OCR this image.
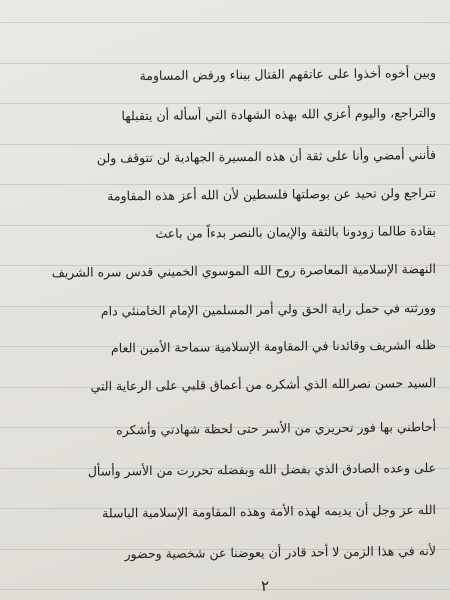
وبين أخوه أخذوا على عاتقهم القتال ببناء ورفض المساومة
والتراجع، واليوم أعزي الله بهذه الشهادة التي أسأله أن يتقبلها
فأنني أمضي وأنا على ثقة أن هذه المسيرة الجهادية لن تتوقف ولن
تتراجع ولن تحيد عن بوصلتها فلسطين لأن الله أعز هذه المقاومة
بقادة طالما زودونا بالثقة والإيمان بالنصر بدءاً من باعث
النهضة الإسلامية المعاصرة روح الله الموسوي الخميني قدس سره الشريف
وورثته في حمل راية الحق ولي أمر المسلمين الإمام الخامنئي دام
ظله الشريف وقائدنا في المقاومة الإسلامية سماحة الأمين العام
السيد حسن نصرالله الذي أشكره من أعماق قلبي على الرعاية التي
أحاطني بها فور تحريري من الأسر حتى لحظة شهادتي وأشكره
على وعده الصادق الذي بفضل الله وبفضله تحررت من الأسر وأسأل
الله عز وجل أن يديمه لهذه الأمة وهذه المقاومة الإسلامية الباسلة
لأنه في هذا الزمن لا أحد قادر أن يعوضنا عن شخصية وحضور
٢
